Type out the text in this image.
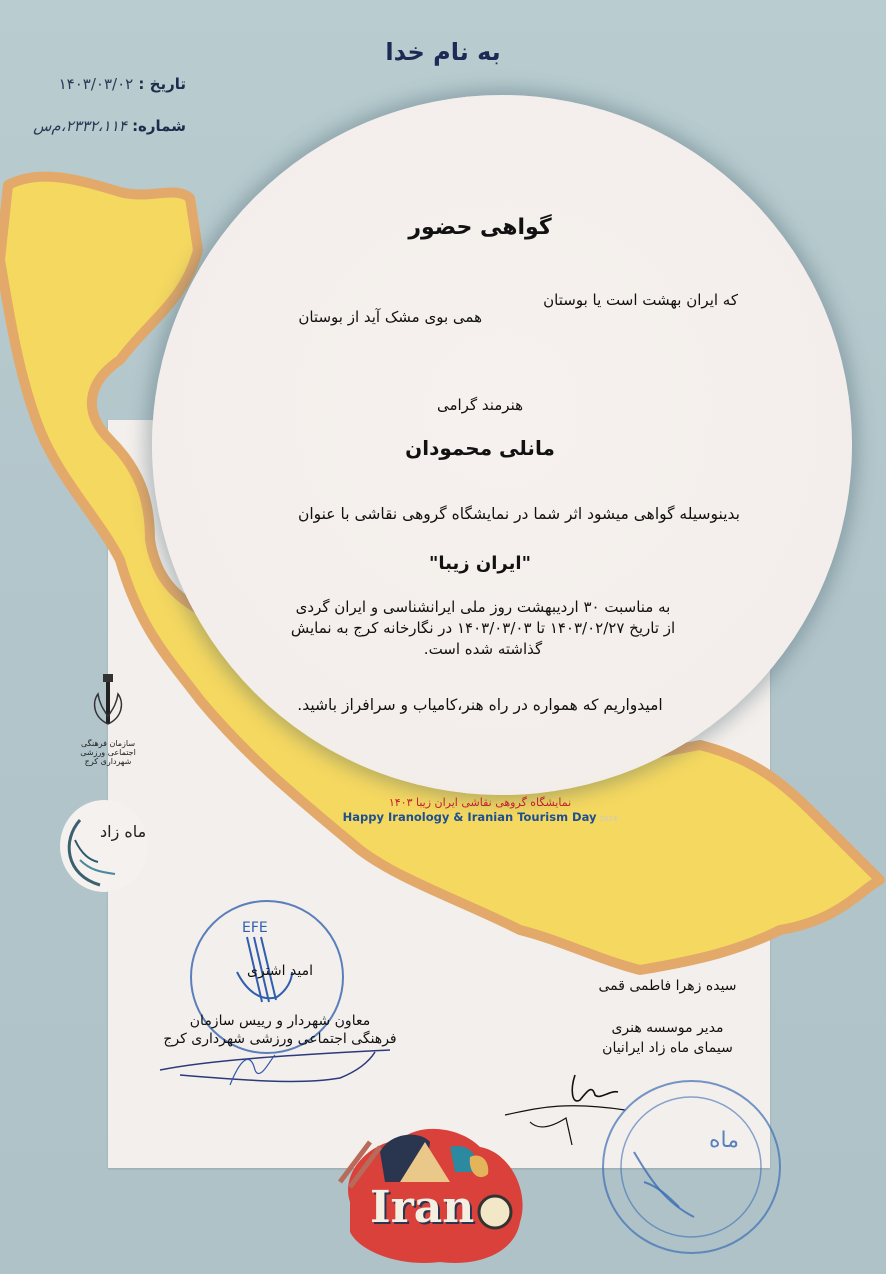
به نام خدا
تاریخ : ۱۴۰۳/۰۳/۰۲
شماره: ۲۳۳۲،۱۱۴،م‌س
گواهی حضور
که ایران بهشت است یا بوستان
همی بوی مشک آید از بوستان
هنرمند گرامی
مانلی محمودان
بدینوسیله گواهی میشود اثر شما در نمایشگاه گروهی نقاشی با عنوان
"ایران زیبا"
به مناسبت ۳۰ اردیبهشت روز ملی ایرانشناسی و ایران گردی
از تاریخ ۱۴۰۳/۰۲/۲۷ تا ۱۴۰۳/۰۳/۰۳ در نگارخانه کرج به نمایش
گذاشته شده است.
امیدواریم که همواره در راه هنر،کامیاب و سرافراز باشید.
نمایشگاه گروهی نقاشی ایران زیبا ۱۴۰۳
Happy Iranology & Iranian Tourism Day 2024
سازمان فرهنگی اجتماعی ورزشی شهرداری کرج
ماه زاد
EFE
امید اشتری
معاون شهردار و رییس سازمان
فرهنگی اجتماعی ورزشی شهرداری کرج
سیده زهرا فاطمی قمی
مدیر موسسه هنری
سیمای ماه زاد ایرانیان
ماه
Iran
